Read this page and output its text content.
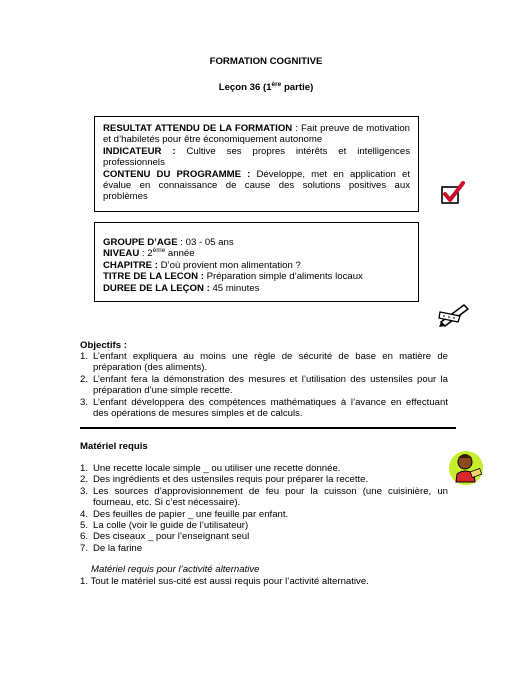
FORMATION COGNITIVE
Leçon 36 (1ère partie)

RESULTAT ATTENDU DE LA FORMATION : Fait preuve de motivation et d’habiletés pour être économiquement autonome

INDICATEUR : Cultive ses propres intérêts et intelligences professionnels

CONTENU DU PROGRAMME : Développe, met en application et évalue en connaissance de cause des solutions positives aux problèmes

GROUPE D’AGE : 03 - 05 ans

NIVEAU : 2ème année

CHAPITRE : D’où provient mon alimentation ?

TITRE DE LA LECON : Préparation simple d’aliments locaux

DUREE DE LA LEÇON : 45 minutes

Objectifs :
1. L’enfant expliquera au moins une règle de sécurité de base en matière de préparation (des aliments).
2. L’enfant fera la démonstration des mesures et l’utilisation des ustensiles pour la préparation d’une simple recette.
3. L’enfant développera des compétences mathématiques à l’avance en effectuant des opérations de mesures simples et de calculs.
Matériel requis
1. Une recette locale simple _ ou utiliser une recette donnée.
2. Des ingrédients et des ustensiles requis pour préparer la recette.
3. Les sources d’approvisionnement de feu pour la cuisson (une cuisinière, un fourneau, etc. Si c’est nécessaire).
4. Des feuilles de papier _ une feuille par enfant.
5. La colle (voir le guide de l’utilisateur)
6. Des ciseaux _ pour l’enseignant seul
7. De la farine
Matériel requis pour l’activité alternative
1. Tout le matériel sus-cité est aussi requis pour l’activité alternative.
